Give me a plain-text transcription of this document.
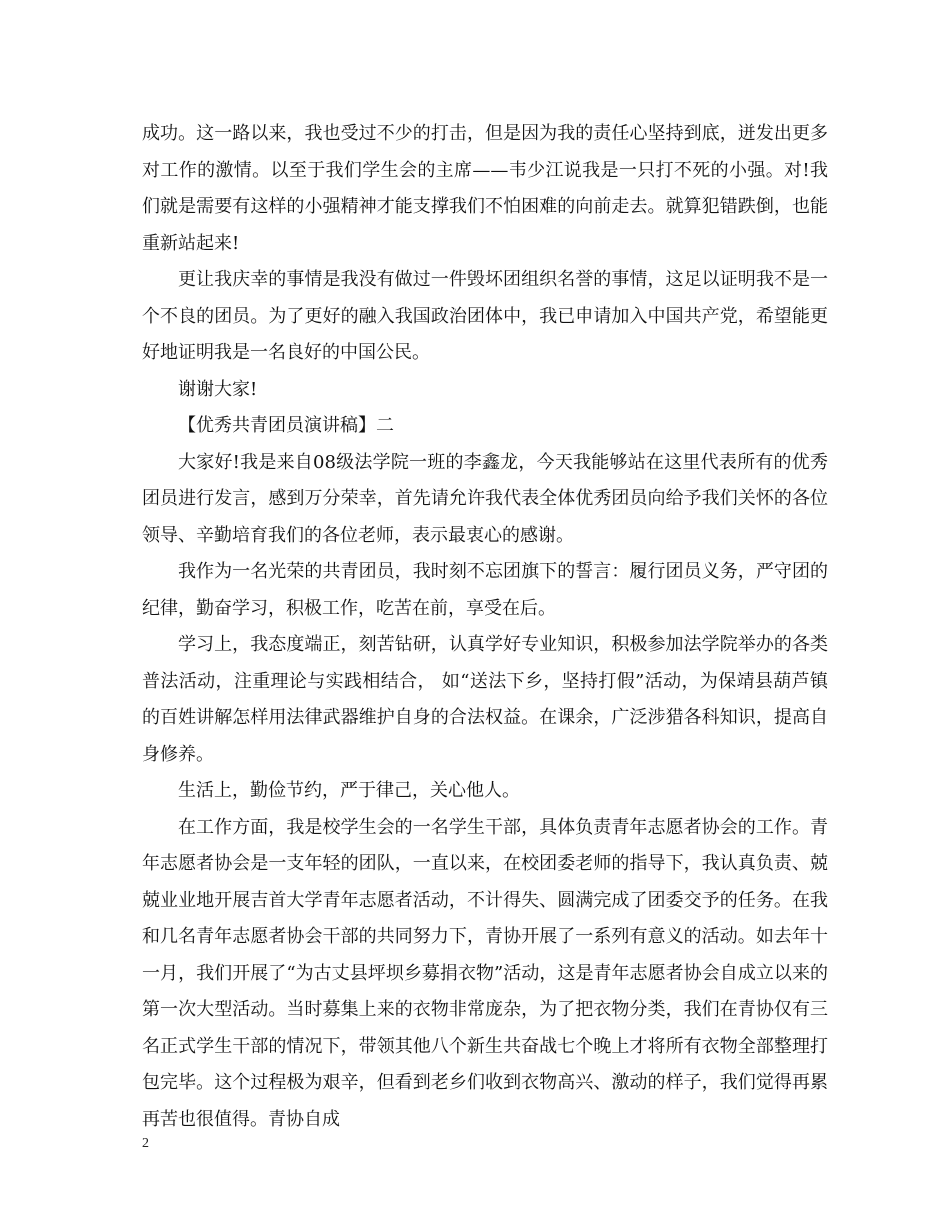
成功。这一路以来，我也受过不少的打击，但是因为我的责任心坚持到底，迸发出更多对工作的激情。以至于我们学生会的主席——韦少江说我是一只打不死的小强。对!我们就是需要有这样的小强精神才能支撑我们不怕困难的向前走去。就算犯错跌倒，也能重新站起来!

更让我庆幸的事情是我没有做过一件毁坏团组织名誉的事情，这足以证明我不是一个不良的团员。为了更好的融入我国政治团体中，我已申请加入中国共产党，希望能更好地证明我是一名良好的中国公民。

谢谢大家!

【优秀共青团员演讲稿】二

大家好!我是来自08级法学院一班的李鑫龙，今天我能够站在这里代表所有的优秀团员进行发言，感到万分荣幸，首先请允许我代表全体优秀团员向给予我们关怀的各位领导、辛勤培育我们的各位老师，表示最衷心的感谢。

我作为一名光荣的共青团员，我时刻不忘团旗下的誓言：履行团员义务，严守团的纪律，勤奋学习，积极工作，吃苦在前，享受在后。

学习上，我态度端正，刻苦钻研，认真学好专业知识，积极参加法学院举办的各类普法活动，注重理论与实践相结合， 如“送法下乡，坚持打假”活动，为保靖县葫芦镇的百姓讲解怎样用法律武器维护自身的合法权益。在课余，广泛涉猎各科知识，提高自身修养。

生活上，勤俭节约，严于律己，关心他人。

在工作方面，我是校学生会的一名学生干部，具体负责青年志愿者协会的工作。青年志愿者协会是一支年轻的团队，一直以来，在校团委老师的指导下，我认真负责、兢兢业业地开展吉首大学青年志愿者活动，不计得失、圆满完成了团委交予的任务。在我和几名青年志愿者协会干部的共同努力下，青协开展了一系列有意义的活动。如去年十一月，我们开展了“为古丈县坪坝乡募捐衣物”活动，这是青年志愿者协会自成立以来的第一次大型活动。当时募集上来的衣物非常庞杂，为了把衣物分类，我们在青协仅有三名正式学生干部的情况下，带领其他八个新生共奋战七个晚上才将所有衣物全部整理打包完毕。这个过程极为艰辛，但看到老乡们收到衣物高兴、激动的样子，我们觉得再累再苦也很值得。青协自成

2
